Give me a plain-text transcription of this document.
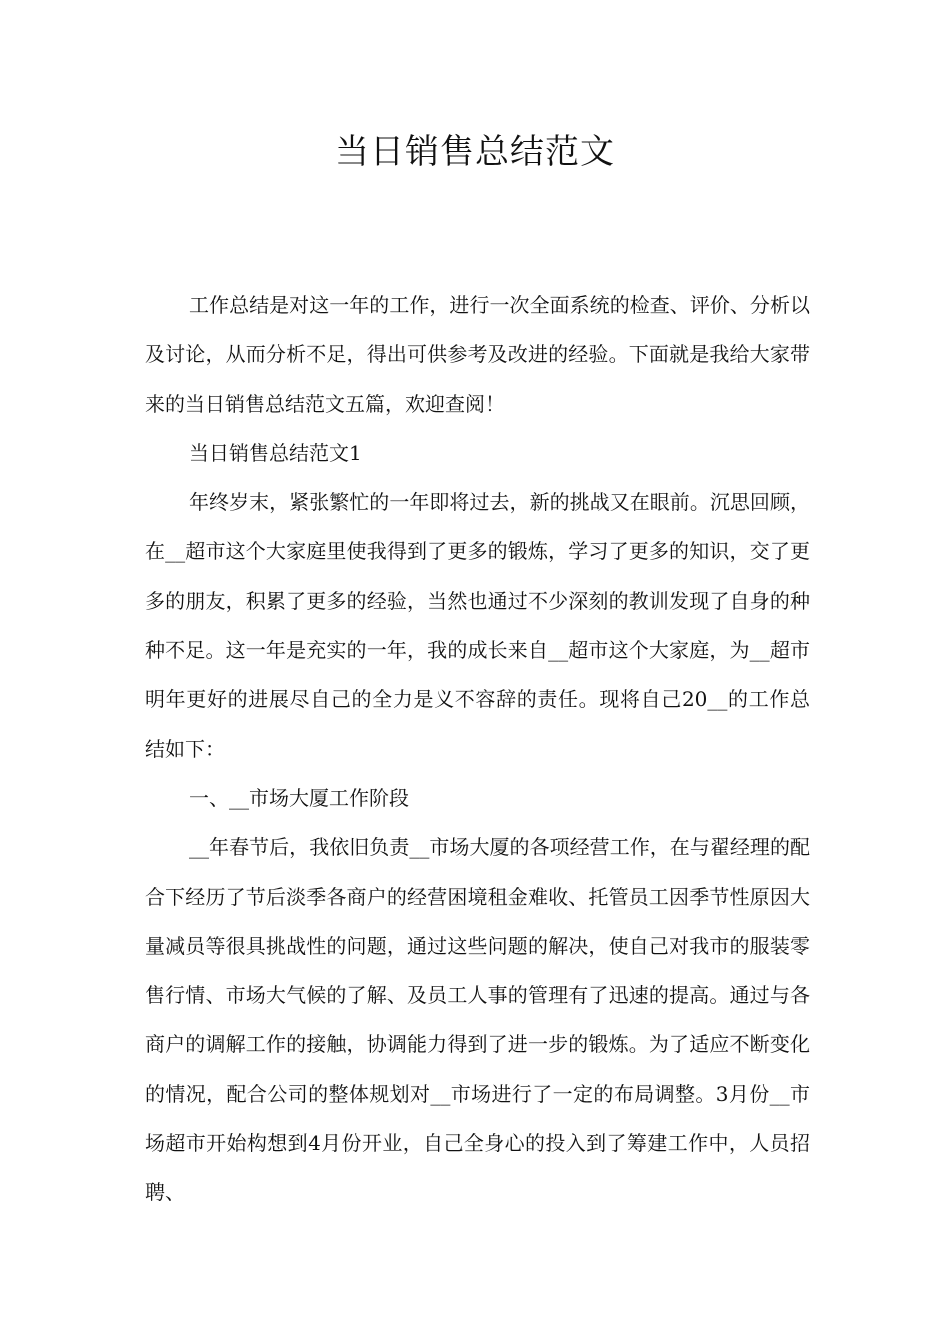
当日销售总结范文

工作总结是对这一年的工作，进行一次全面系统的检查、评价、分析以及讨论，从而分析不足，得出可供参考及改进的经验。下面就是我给大家带来的当日销售总结范文五篇，欢迎查阅！

当日销售总结范文1

年终岁末，紧张繁忙的一年即将过去，新的挑战又在眼前。沉思回顾，在__超市这个大家庭里使我得到了更多的锻炼，学习了更多的知识，交了更多的朋友，积累了更多的经验，当然也通过不少深刻的教训发现了自身的种种不足。这一年是充实的一年，我的成长来自__超市这个大家庭，为__超市明年更好的进展尽自己的全力是义不容辞的责任。现将自己20__的工作总结如下：

一、__市场大厦工作阶段

__年春节后，我依旧负责__市场大厦的各项经营工作，在与翟经理的配合下经历了节后淡季各商户的经营困境租金难收、托管员工因季节性原因大量减员等很具挑战性的问题，通过这些问题的解决，使自己对我市的服装零售行情、市场大气候的了解、及员工人事的管理有了迅速的提高。通过与各商户的调解工作的接触，协调能力得到了进一步的锻炼。为了适应不断变化的情况，配合公司的整体规划对__市场进行了一定的布局调整。3月份__市场超市开始构想到4月份开业，自己全身心的投入到了筹建工作中，人员招聘、
